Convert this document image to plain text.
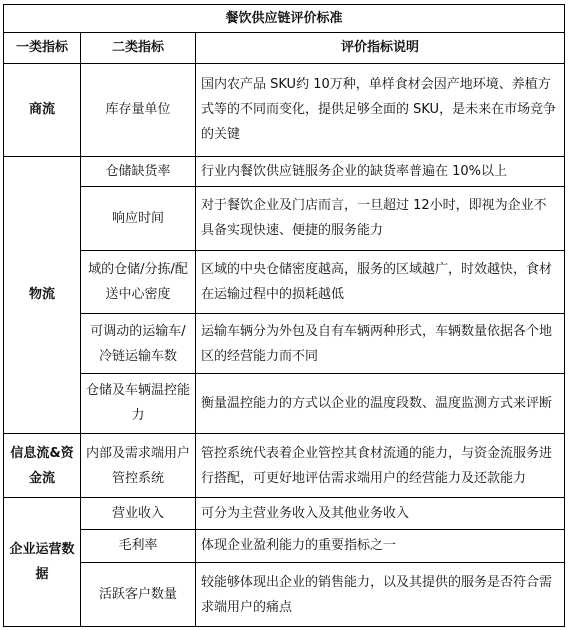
餐饮供应链评价标准		
一类指标	二类指标	评价指标说明
商流	库存量单位	国内农产品 SKU约 10万种，单样食材会因产地环境、养植方式等的不同而变化，提供足够全面的 SKU，是未来在市场竞争的关键
物流	仓储缺货率	行业内餐饮供应链服务企业的缺货率普遍在 10%以上
	响应时间	对于餐饮企业及门店而言，一旦超过 12小时，即视为企业不具备实现快速、便捷的服务能力
	域的仓储/分拣/配送中心密度	区域的中央仓储密度越高，服务的区域越广，时效越快，食材在运输过程中的损耗越低
	可调动的运输车/冷链运输车数	运输车辆分为外包及自有车辆两种形式，车辆数量依据各个地区的经营能力而不同
	仓储及车辆温控能力	衡量温控能力的方式以企业的温度段数、温度监测方式来评断
信息流&资金流	内部及需求端用户管控系统	管控系统代表着企业管控其食材流通的能力，与资金流服务进行搭配，可更好地评估需求端用户的经营能力及还款能力
企业运营数据	营业收入	可分为主营业务收入及其他业务收入
	毛利率	体现企业盈利能力的重要指标之一
	活跃客户数量	较能够体现出企业的销售能力，以及其提供的服务是否符合需求端用户的痛点
